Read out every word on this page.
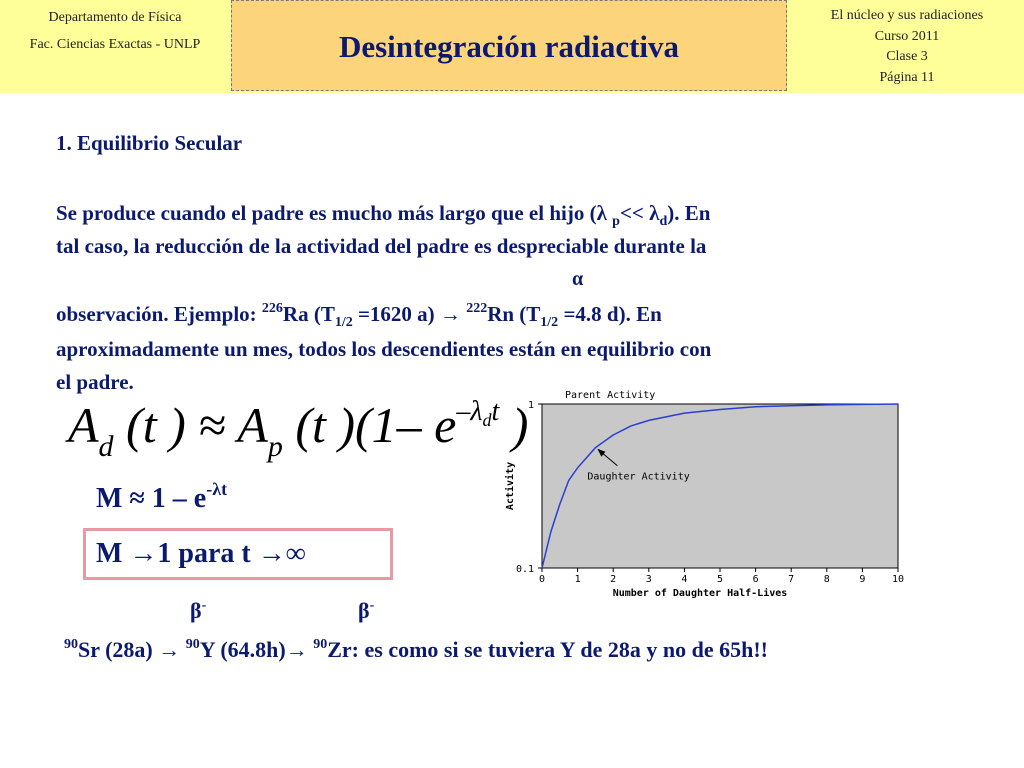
Departamento de Física
Fac. Ciencias Exactas - UNLP	Desintegración radiactiva
El núcleo y sus radiaciones
Curso 2011
Clase 3
Página 11
1. Equilibrio Secular
Se produce cuando el padre es mucho más largo que el hijo (λ $_p<< \lambda_d$). En
tal caso, la reducción de la actividad del padre es despreciable durante la
α
observación. Ejemplo: $^{226}$Ra ($T_{1/2} =1620$ a) → $^{222}$Rn ($T_{1/2} =4.8$ d). En
aproximadamente un mes, todos los descendientes están en equilibrio con
el padre.
$A_d$ (t ) ≈ $A_p$ (t )(1– $e^{-\lambda_dt}$ )
$M \approx 1 - e^{-\lambda t}$
M →1 para t →∞
β-	β-
$^{90}$Sr (28a) → $^{90}$Y (64.8h)→ $^{90}$Zr: es como si se tuviera Y de 28a y no de 65h!!
0	1	2	3	4	5	6	7	8	9	10
0.1
1
Parent Activity
Number of Daughter Half-Lives
Activity	Daughter Activity
